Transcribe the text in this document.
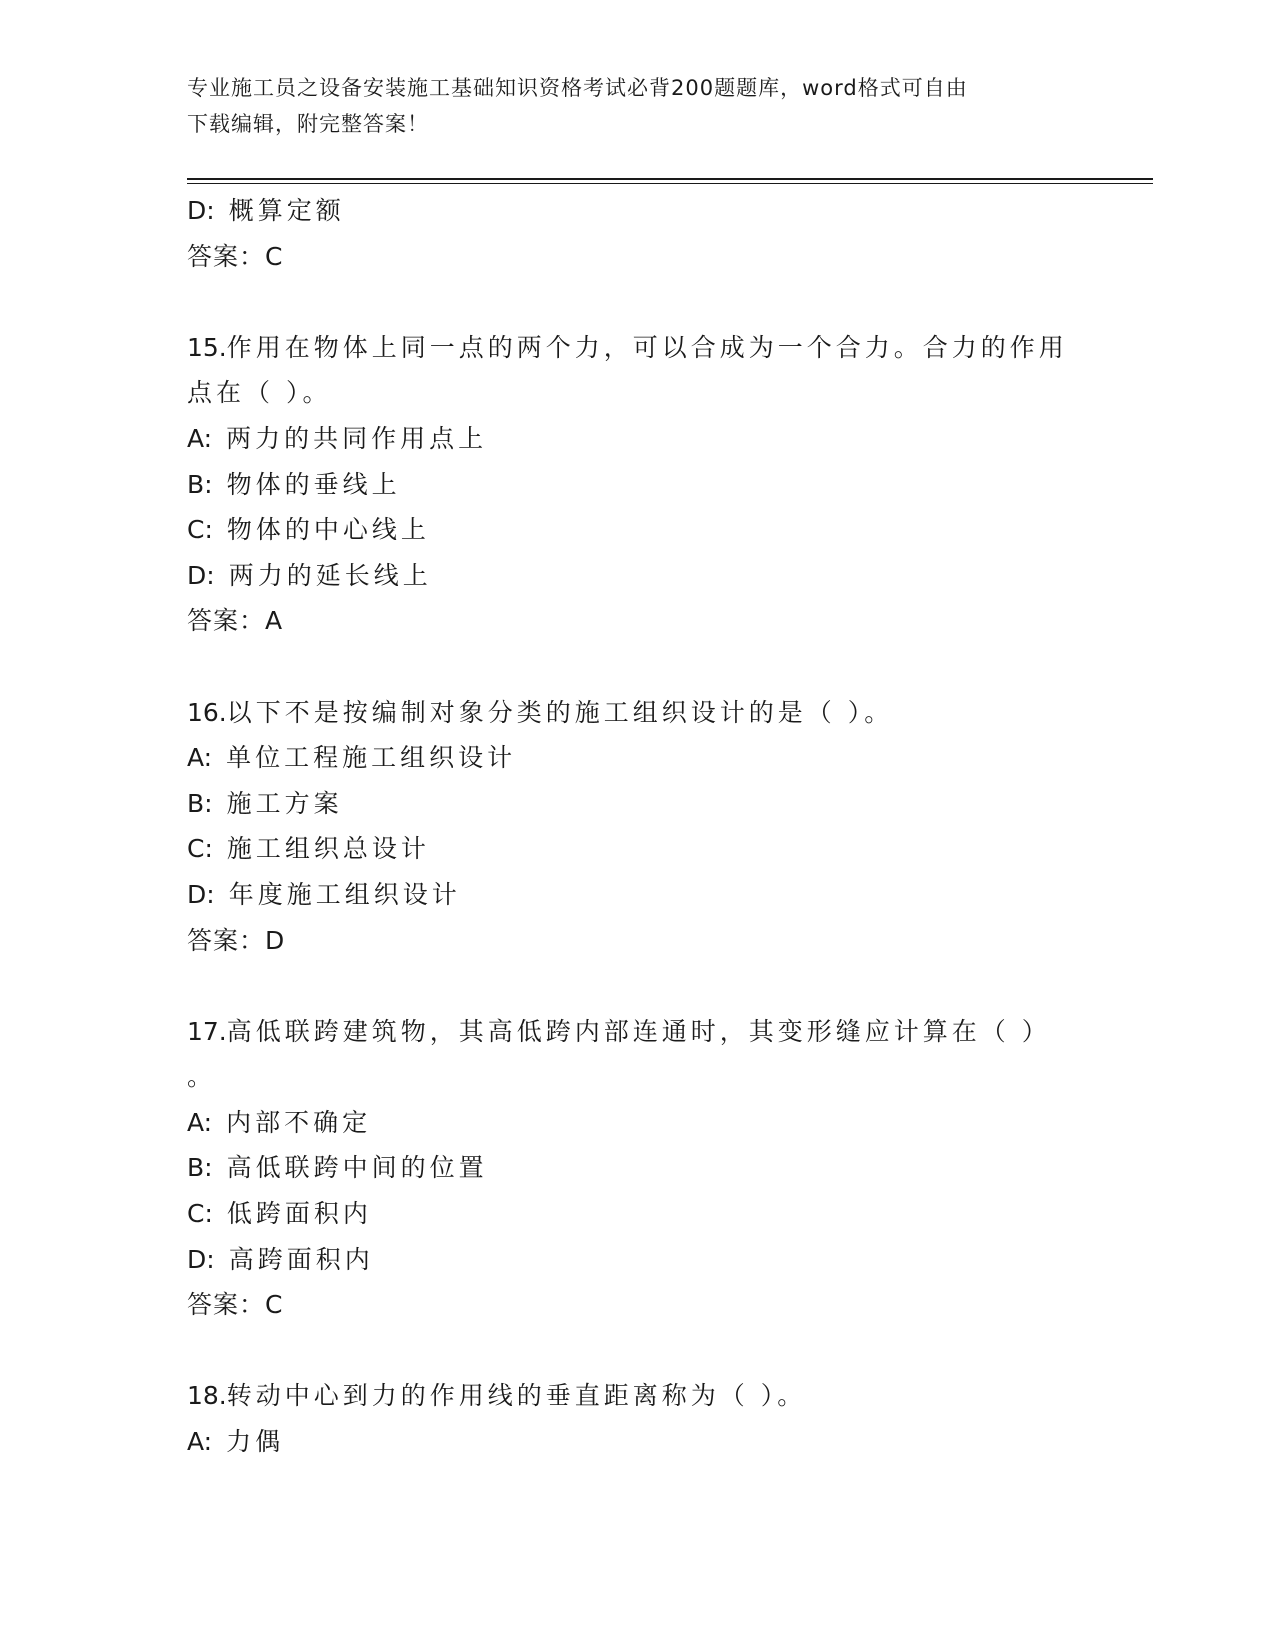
专业施工员之设备安装施工基础知识资格考试必背200题题库，word格式可自由
下载编辑，附完整答案！
D: 概算定额
答案：C
15.作用在物体上同一点的两个力，可以合成为一个合力。合力的作用
点在（ ）。
A: 两力的共同作用点上
B: 物体的垂线上
C: 物体的中心线上
D: 两力的延长线上
答案：A
16.以下不是按编制对象分类的施工组织设计的是（ ）。
A: 单位工程施工组织设计
B: 施工方案
C: 施工组织总设计
D: 年度施工组织设计
答案：D
17.高低联跨建筑物，其高低跨内部连通时，其变形缝应计算在（ ）
。
A: 内部不确定
B: 高低联跨中间的位置
C: 低跨面积内
D: 高跨面积内
答案：C
18.转动中心到力的作用线的垂直距离称为（ ）。
A: 力偶
